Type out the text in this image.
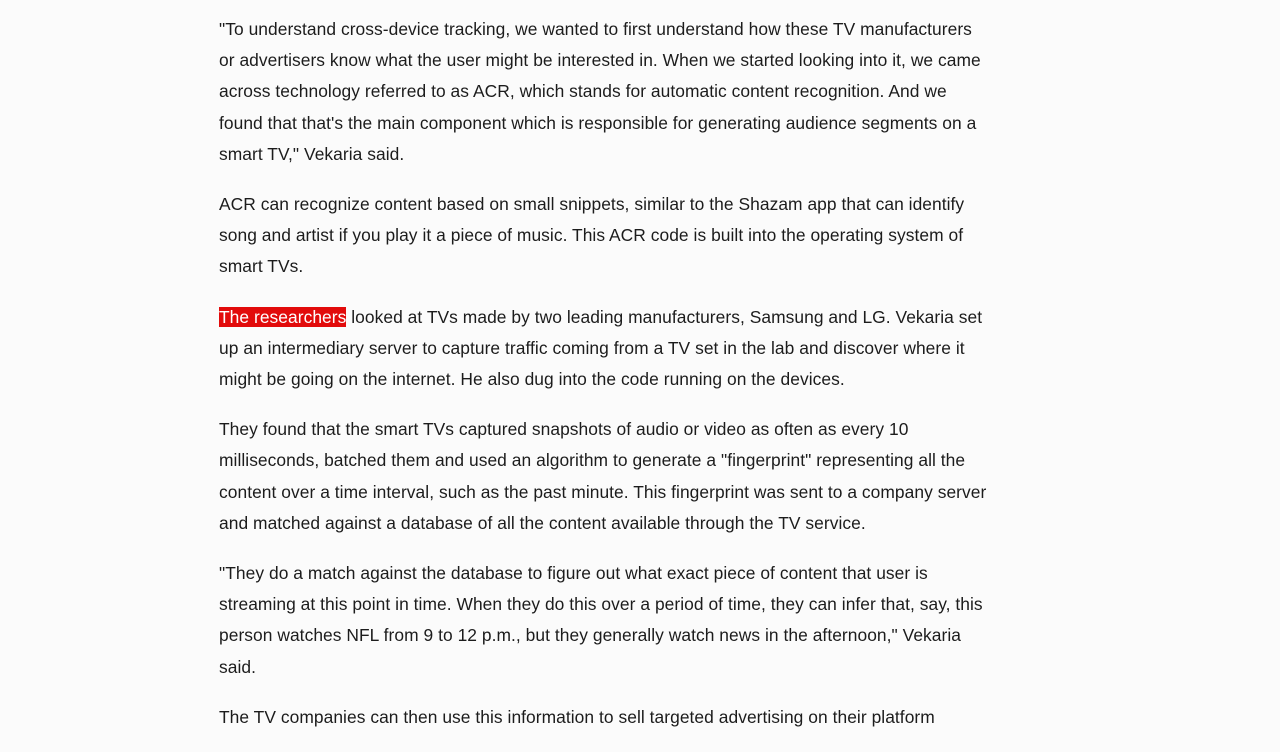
"To understand cross-device tracking, we wanted to first understand how these TV manufacturers
or advertisers know what the user might be interested in. When we started looking into it, we came
across technology referred to as ACR, which stands for automatic content recognition. And we
found that that's the main component which is responsible for generating audience segments on a
smart TV," Vekaria said.

ACR can recognize content based on small snippets, similar to the Shazam app that can identify
song and artist if you play it a piece of music. This ACR code is built into the operating system of
smart TVs.

The researchers looked at TVs made by two leading manufacturers, Samsung and LG. Vekaria set
up an intermediary server to capture traffic coming from a TV set in the lab and discover where it
might be going on the internet. He also dug into the code running on the devices.

They found that the smart TVs captured snapshots of audio or video as often as every 10
milliseconds, batched them and used an algorithm to generate a "fingerprint" representing all the
content over a time interval, such as the past minute. This fingerprint was sent to a company server
and matched against a database of all the content available through the TV service.

"They do a match against the database to figure out what exact piece of content that user is
streaming at this point in time. When they do this over a period of time, they can infer that, say, this
person watches NFL from 9 to 12 p.m., but they generally watch news in the afternoon," Vekaria
said.

The TV companies can then use this information to sell targeted advertising on their platform
